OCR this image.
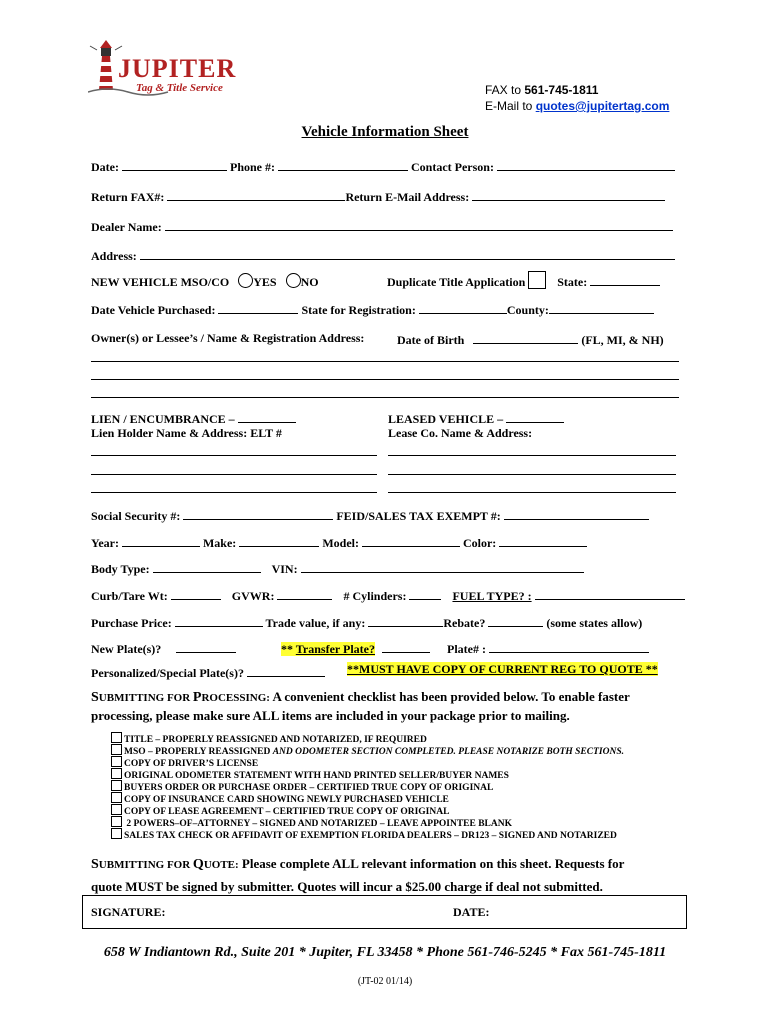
JUPITER
Tag & Title Service	FAX to 561-745-1811
E-Mail to quotes@jupitertag.com
Vehicle Information Sheet
Date:	Phone #:	Contact Person:
Return FAX#:	Return E-Mail Address:
Dealer Name:
Address:
NEW VEHICLE MSO/CO YES NO	Duplicate Title Application	State:
Date Vehicle Purchased:	State for Registration:	County:
Owner(s) or Lessee’s / Name & Registration Address:	Date of Birth	(FL, MI, & NH)
LIEN / ENCUMBRANCE –
Lien Holder Name & Address: ELT #
LEASED VEHICLE –
Lease Co. Name & Address:
Social Security #:	FEID/SALES TAX EXEMPT #:
Year:	Make:	Model:	Color:
Body Type:	VIN:
Curb/Tare Wt:	GVWR:	# Cylinders:	FUEL TYPE? :
Purchase Price:	Trade value, if any:	Rebate?	(some states allow)
New Plate(s)?	** Transfer Plate?	Plate# :
Personalized/Special Plate(s)?	**MUST HAVE COPY OF CURRENT REG TO QUOTE **
SUBMITTING FOR PROCESSING: A convenient checklist has been provided below. To enable faster
processing, please make sure ALL items are included in your package prior to mailing.
TITLE – PROPERLY REASSIGNED AND NOTARIZED, IF REQUIRED
MSO – PROPERLY REASSIGNED AND ODOMETER SECTION COMPLETED. PLEASE NOTARIZE BOTH SECTIONS.
COPY OF DRIVER’S LICENSE
ORIGINAL ODOMETER STATEMENT WITH HAND PRINTED SELLER/BUYER NAMES
BUYERS ORDER OR PURCHASE ORDER – CERTIFIED TRUE COPY OF ORIGINAL
COPY OF INSURANCE CARD SHOWING NEWLY PURCHASED VEHICLE
COPY OF LEASE AGREEMENT – CERTIFIED TRUE COPY OF ORIGINAL
2 POWERS–OF–ATTORNEY – SIGNED AND NOTARIZED – LEAVE APPOINTEE BLANK
SALES TAX CHECK OR AFFIDAVIT OF EXEMPTION FLORIDA DEALERS – DR123 – SIGNED AND NOTARIZED
SUBMITTING FOR QUOTE: Please complete ALL relevant information on this sheet. Requests for
quote MUST be signed by submitter. Quotes will incur a $25.00 charge if deal not submitted.
SIGNATURE:	DATE:
658 W Indiantown Rd., Suite 201 * Jupiter, FL 33458 * Phone 561-746-5245 * Fax 561-745-1811
(JT-02 01/14)
